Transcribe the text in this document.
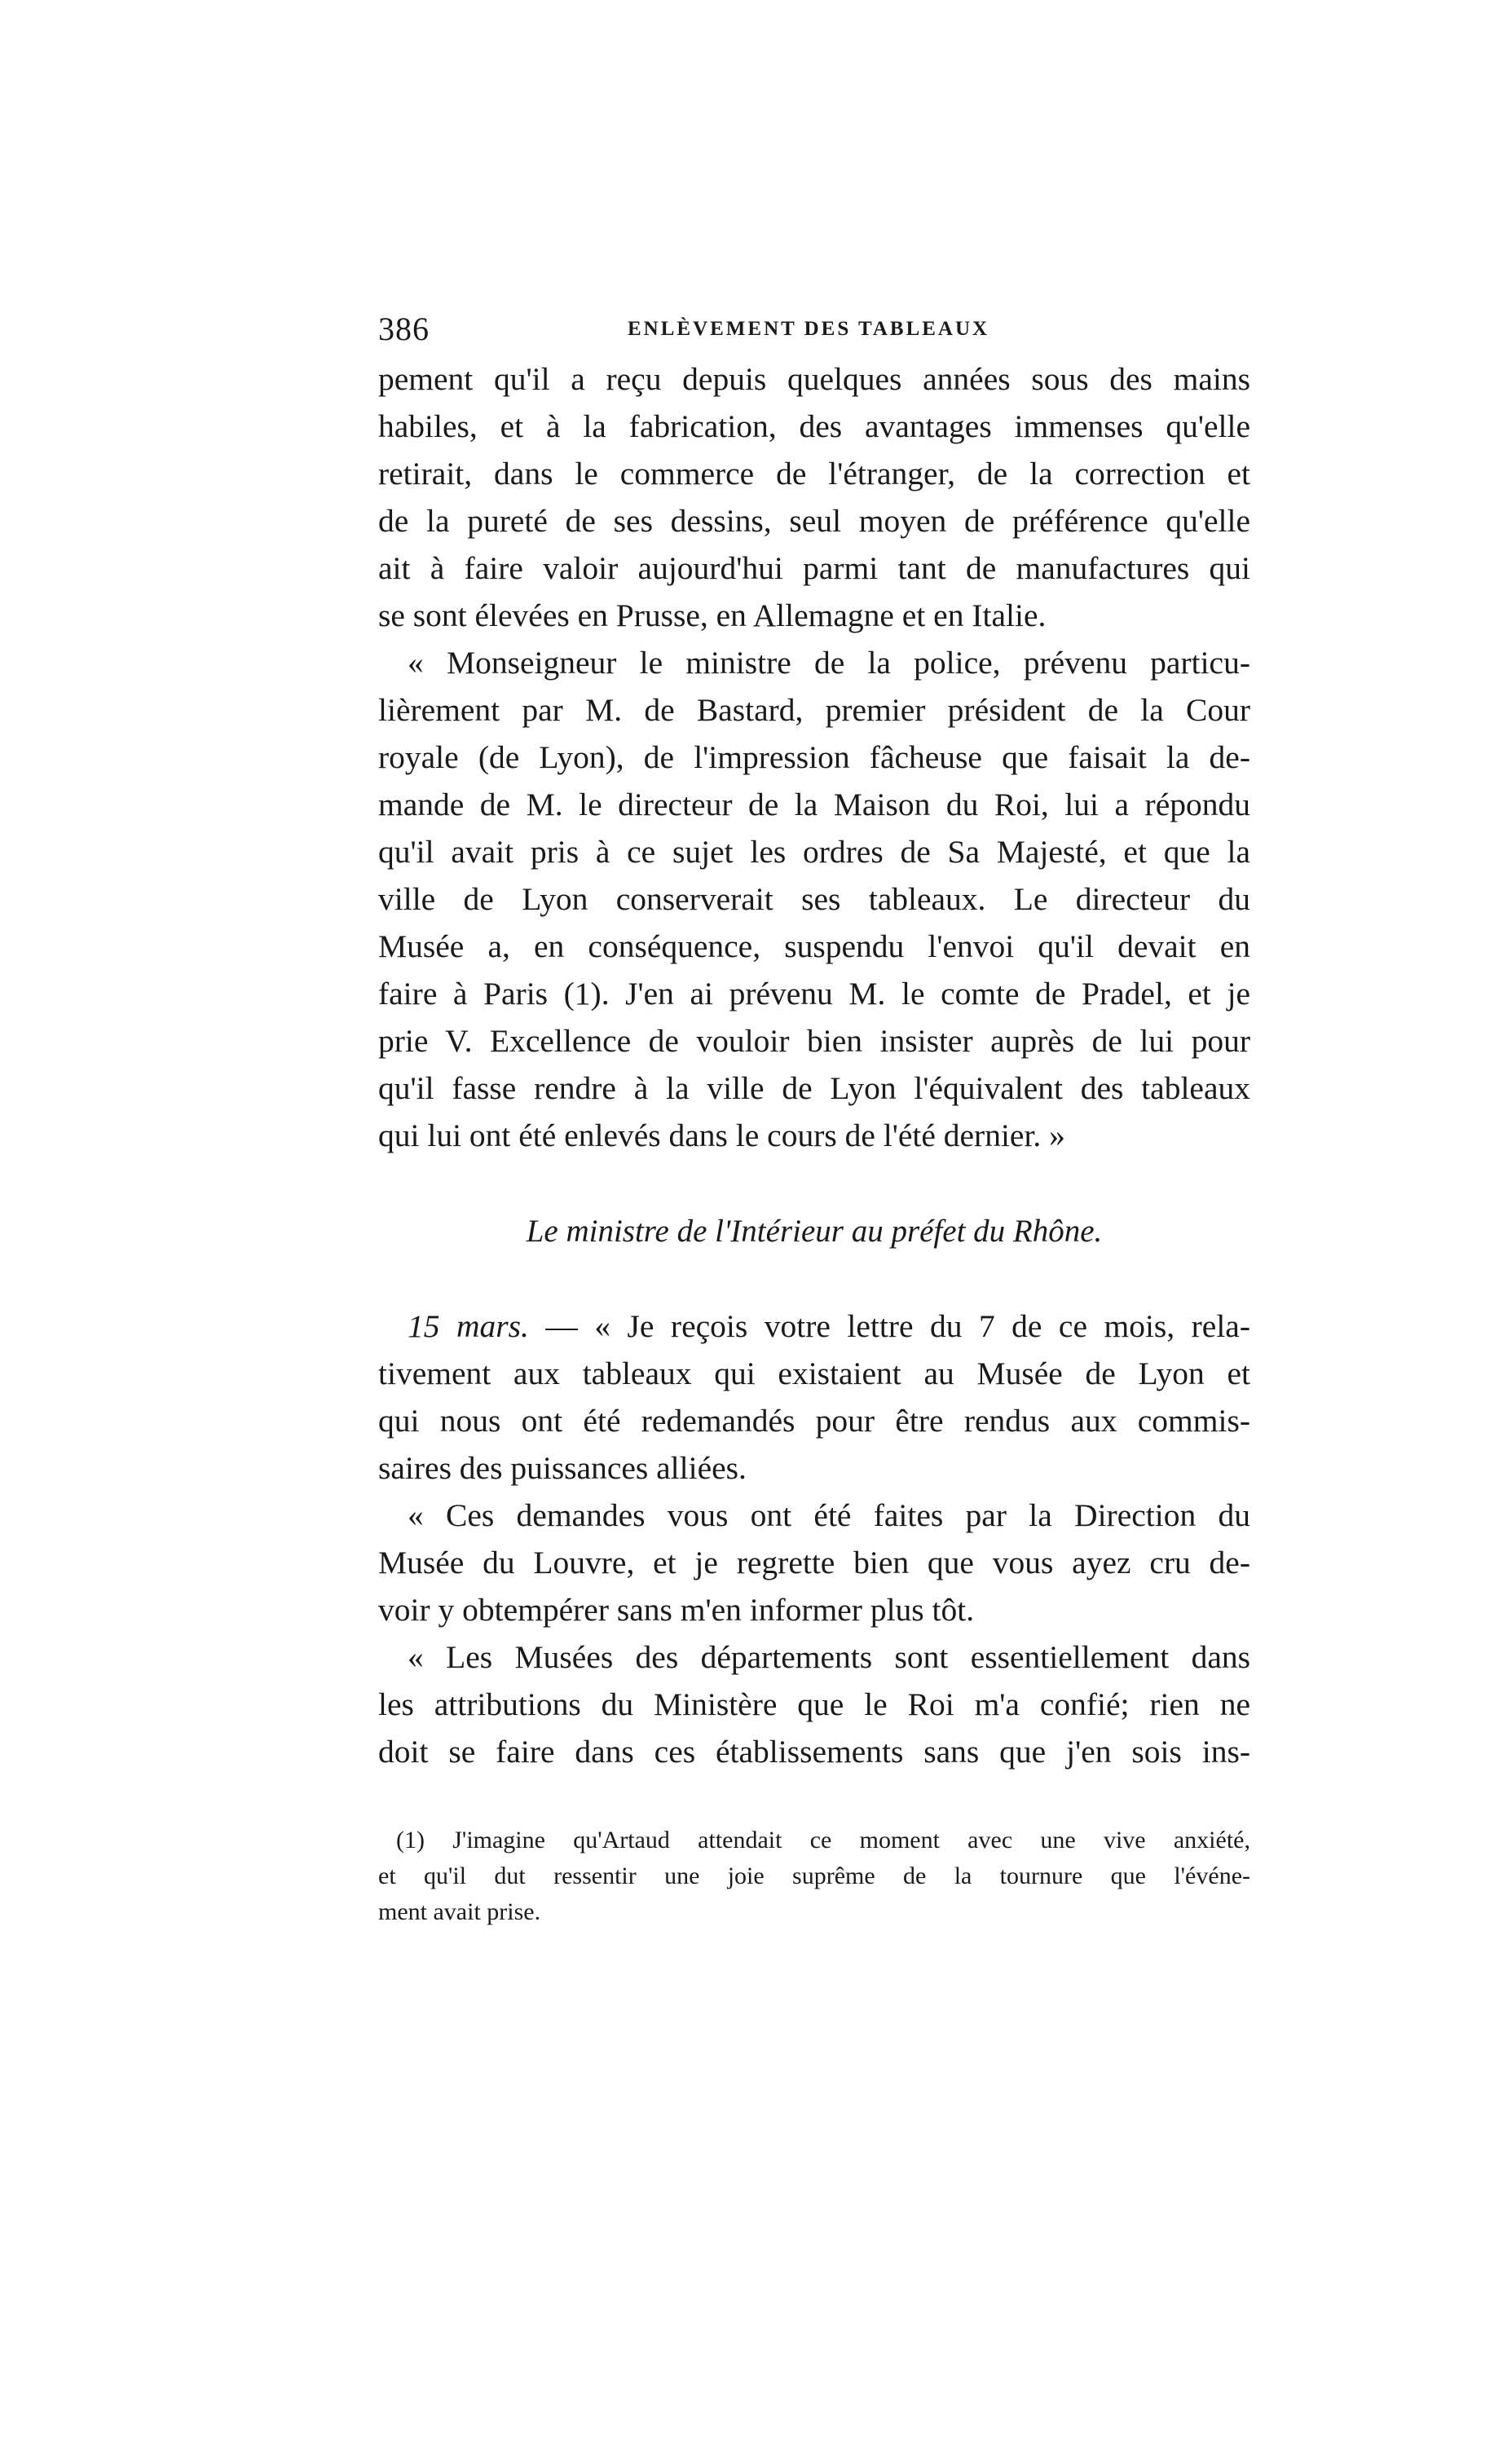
386	ENLÈVEMENT DES TABLEAUX
pement qu'il a reçu depuis quelques années sous des mains
habiles, et à la fabrication, des avantages immenses qu'elle
retirait, dans le commerce de l'étranger, de la correction et
de la pureté de ses dessins, seul moyen de préférence qu'elle
ait à faire valoir aujourd'hui parmi tant de manufactures qui
se sont élevées en Prusse, en Allemagne et en Italie.
« Monseigneur le ministre de la police, prévenu particu-
lièrement par M. de Bastard, premier président de la Cour
royale (de Lyon), de l'impression fâcheuse que faisait la de-
mande de M. le directeur de la Maison du Roi, lui a répondu
qu'il avait pris à ce sujet les ordres de Sa Majesté, et que la
ville de Lyon conserverait ses tableaux. Le directeur du
Musée a, en conséquence, suspendu l'envoi qu'il devait en
faire à Paris (1). J'en ai prévenu M. le comte de Pradel, et je
prie V. Excellence de vouloir bien insister auprès de lui pour
qu'il fasse rendre à la ville de Lyon l'équivalent des tableaux
qui lui ont été enlevés dans le cours de l'été dernier. »
Le ministre de l'Intérieur au préfet du Rhône.
15 mars. — « Je reçois votre lettre du 7 de ce mois, rela-
tivement aux tableaux qui existaient au Musée de Lyon et
qui nous ont été redemandés pour être rendus aux commis-
saires des puissances alliées.
« Ces demandes vous ont été faites par la Direction du
Musée du Louvre, et je regrette bien que vous ayez cru de-
voir y obtempérer sans m'en informer plus tôt.
« Les Musées des départements sont essentiellement dans
les attributions du Ministère que le Roi m'a confié; rien ne
doit se faire dans ces établissements sans que j'en sois ins-
(1) J'imagine qu'Artaud attendait ce moment avec une vive anxiété,
et qu'il dut ressentir une joie suprême de la tournure que l'événe-
ment avait prise.
